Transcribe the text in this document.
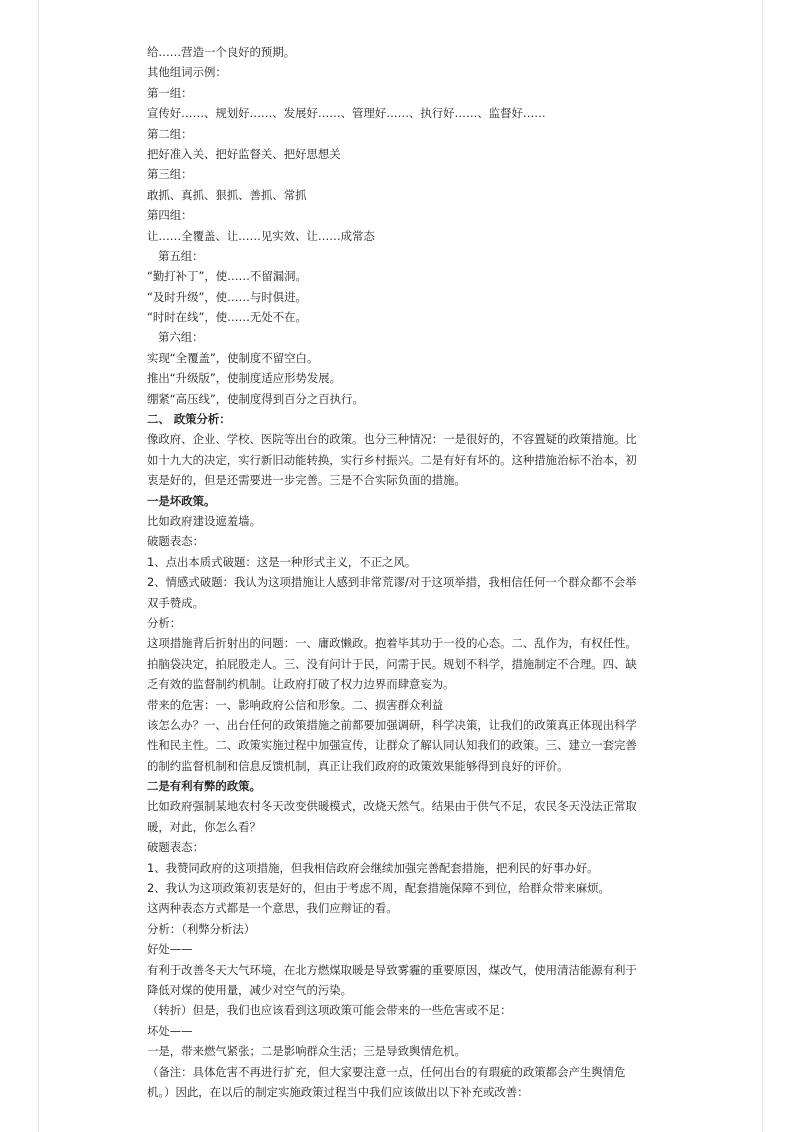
给……营造一个良好的预期。
其他组词示例：
第一组：
宣传好……、规划好……、发展好……、管理好……、执行好……、监督好……
第二组：
把好准入关、把好监督关、把好思想关
第三组：
敢抓、真抓、狠抓、善抓、常抓
第四组：
让……全覆盖、让……见实效、让……成常态
第五组：
“勤打补丁”，使……不留漏洞。
“及时升级”，使……与时俱进。
“时时在线”，使……无处不在。
第六组：
实现“全覆盖”，使制度不留空白。
推出“升级版”，使制度适应形势发展。
绷紧“高压线”，使制度得到百分之百执行。
二、 政策分析：
像政府、企业、学校、医院等出台的政策。也分三种情况：一是很好的，不容置疑的政策措施。比
如十九大的决定，实行新旧动能转换，实行乡村振兴。二是有好有坏的。这种措施治标不治本，初
衷是好的，但是还需要进一步完善。三是不合实际负面的措施。
一是坏政策。
比如政府建设遮羞墙。
破题表态：
1、点出本质式破题：这是一种形式主义，不正之风。
2、情感式破题：我认为这项措施让人感到非常荒谬/对于这项举措，我相信任何一个群众都不会举
双手赞成。
分析：
这项措施背后折射出的问题：一、庸政懒政。抱着毕其功于一役的心态。二、乱作为，有权任性。
拍脑袋决定，拍屁股走人。三、没有问计于民，问需于民。规划不科学，措施制定不合理。四、缺
乏有效的监督制约机制。让政府打破了权力边界而肆意妄为。
带来的危害：一、影响政府公信和形象。二、损害群众利益
该怎么办？一、出台任何的政策措施之前都要加强调研，科学决策，让我们的政策真正体现出科学
性和民主性。二、政策实施过程中加强宣传，让群众了解认同认知我们的政策。三、建立一套完善
的制约监督机制和信息反馈机制，真正让我们政府的政策效果能够得到良好的评价。
二是有利有弊的政策。
比如政府强制某地农村冬天改变供暖模式，改烧天然气。结果由于供气不足，农民冬天没法正常取
暖，对此，你怎么看？
破题表态：
1、我赞同政府的这项措施，但我相信政府会继续加强完善配套措施，把利民的好事办好。
2、我认为这项政策初衷是好的，但由于考虑不周，配套措施保障不到位，给群众带来麻烦。
这两种表态方式都是一个意思，我们应辩证的看。
分析：（利弊分析法）
好处——
有利于改善冬天大气环境，在北方燃煤取暖是导致雾霾的重要原因，煤改气，使用清洁能源有利于
降低对煤的使用量，减少对空气的污染。
（转折）但是，我们也应该看到这项政策可能会带来的一些危害或不足：
坏处——
一是，带来燃气紧张；二是影响群众生活；三是导致舆情危机。
（备注：具体危害不再进行扩充，但大家要注意一点，任何出台的有瑕疵的政策都会产生舆情危
机。）因此，在以后的制定实施政策过程当中我们应该做出以下补充或改善：
